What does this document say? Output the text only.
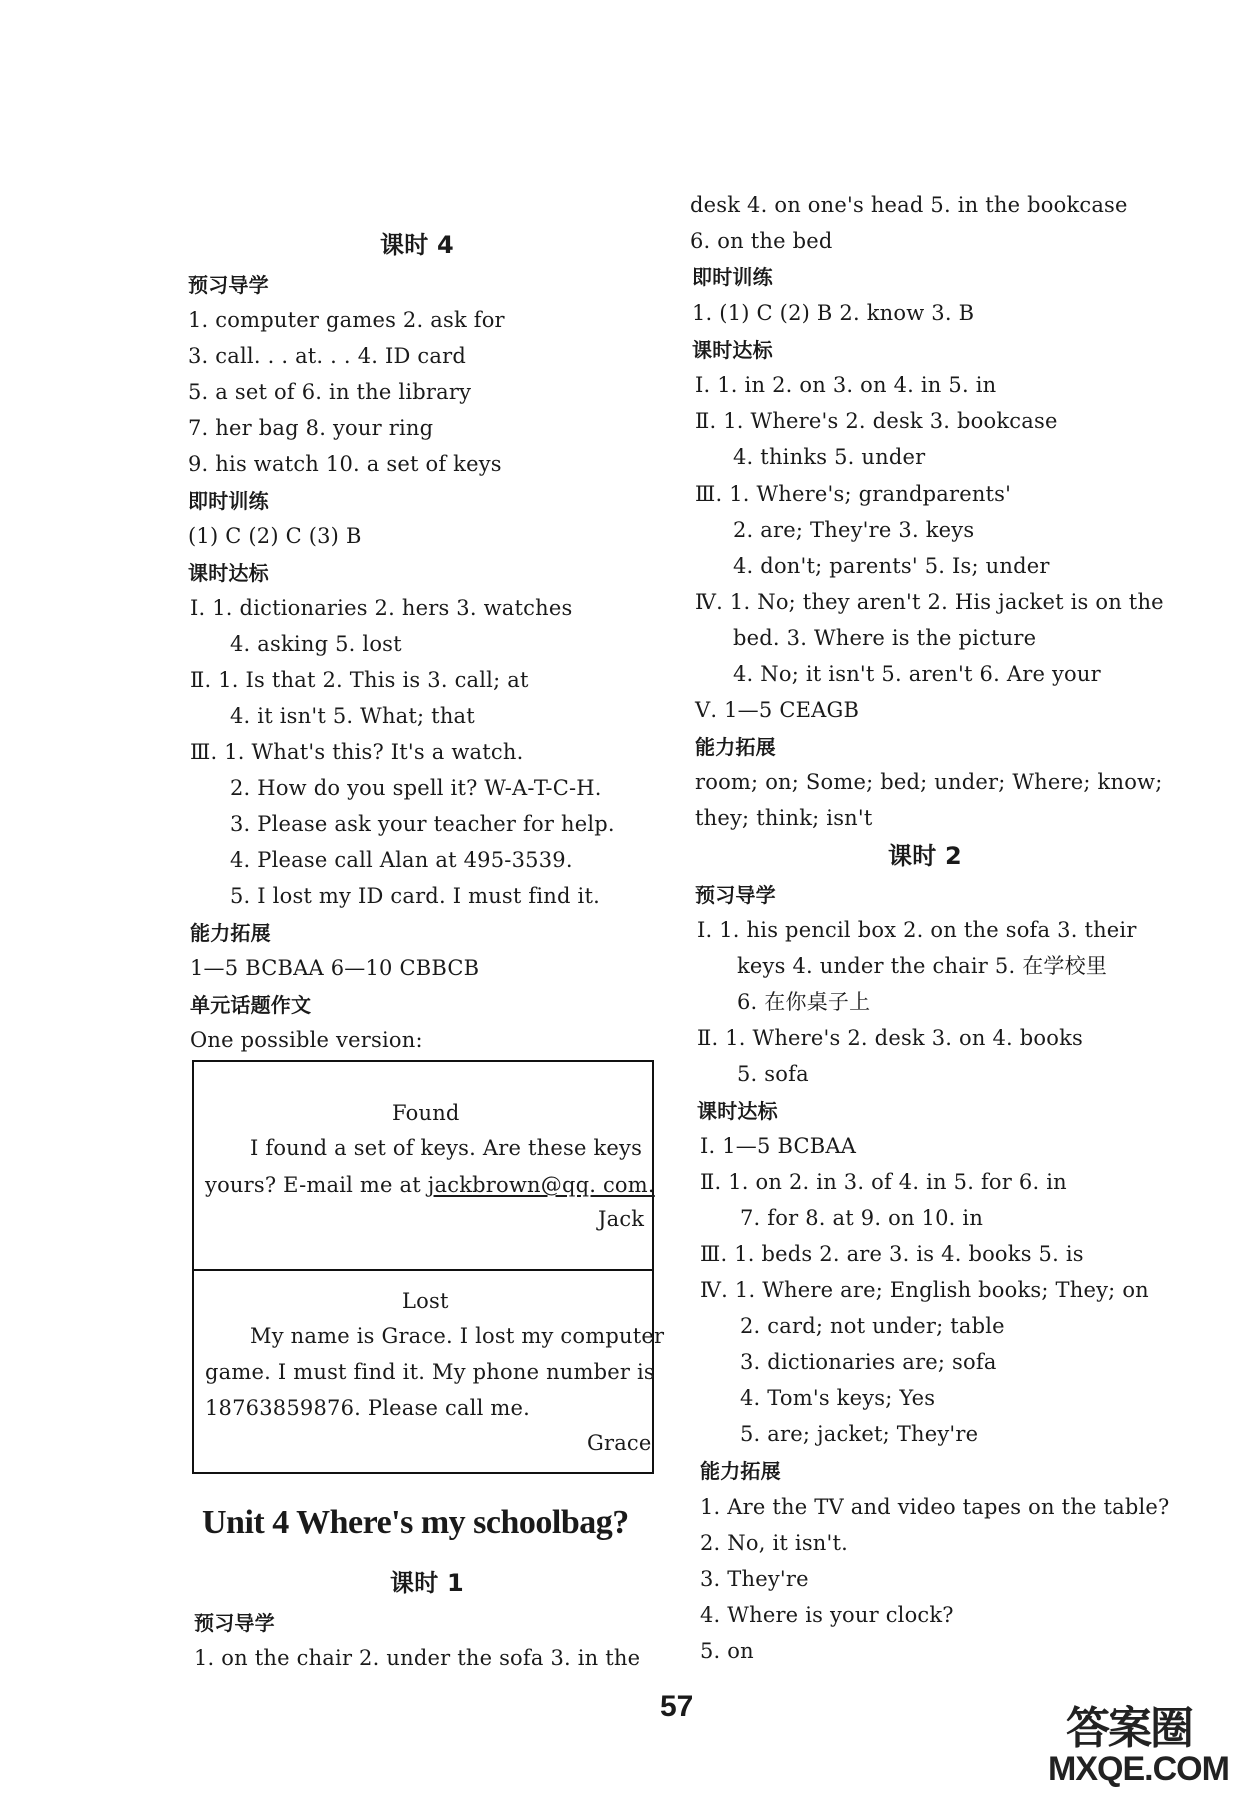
课时 4
预习导学
1. computer games 2. ask for
3. call. . . at. . . 4. ID card
5. a set of 6. in the library
7. her bag 8. your ring
9. his watch 10. a set of keys
即时训练
(1) C (2) C (3) B
课时达标
Ⅰ. 1. dictionaries 2. hers 3. watches
4. asking 5. lost
Ⅱ. 1. Is that 2. This is 3. call; at
4. it isn't 5. What; that
Ⅲ. 1. What's this? It's a watch.
2. How do you spell it? W-A-T-C-H.
3. Please ask your teacher for help.
4. Please call Alan at 495-3539.
5. I lost my ID card. I must find it.
能力拓展
1—5 BCBAA 6—10 CBBCB
单元话题作文
One possible version:
Found
I found a set of keys. Are these keys
yours? E-mail me at jackbrown@qq. com.
Jack
Lost
My name is Grace. I lost my computer
game. I must find it. My phone number is
18763859876. Please call me.
Grace
Unit 4 Where's my schoolbag?
课时 1
预习导学
1. on the chair 2. under the sofa 3. in the
desk 4. on one's head 5. in the bookcase
6. on the bed
即时训练
1. (1) C (2) B 2. know 3. B
课时达标
Ⅰ. 1. in 2. on 3. on 4. in 5. in
Ⅱ. 1. Where's 2. desk 3. bookcase
4. thinks 5. under
Ⅲ. 1. Where's; grandparents'
2. are; They're 3. keys
4. don't; parents' 5. Is; under
Ⅳ. 1. No; they aren't 2. His jacket is on the
bed. 3. Where is the picture
4. No; it isn't 5. aren't 6. Are your
Ⅴ. 1—5 CEAGB
能力拓展
room; on; Some; bed; under; Where; know;
they; think; isn't
课时 2
预习导学
Ⅰ. 1. his pencil box 2. on the sofa 3. their
keys 4. under the chair 5. 在学校里
6. 在你桌子上
Ⅱ. 1. Where's 2. desk 3. on 4. books
5. sofa
课时达标
Ⅰ. 1—5 BCBAA
Ⅱ. 1. on 2. in 3. of 4. in 5. for 6. in
7. for 8. at 9. on 10. in
Ⅲ. 1. beds 2. are 3. is 4. books 5. is
Ⅳ. 1. Where are; English books; They; on
2. card; not under; table
3. dictionaries are; sofa
4. Tom's keys; Yes
5. are; jacket; They're
能力拓展
1. Are the TV and video tapes on the table?
2. No, it isn't.
3. They're
4. Where is your clock?
5. on
57	答案圈
MXQE.COM
